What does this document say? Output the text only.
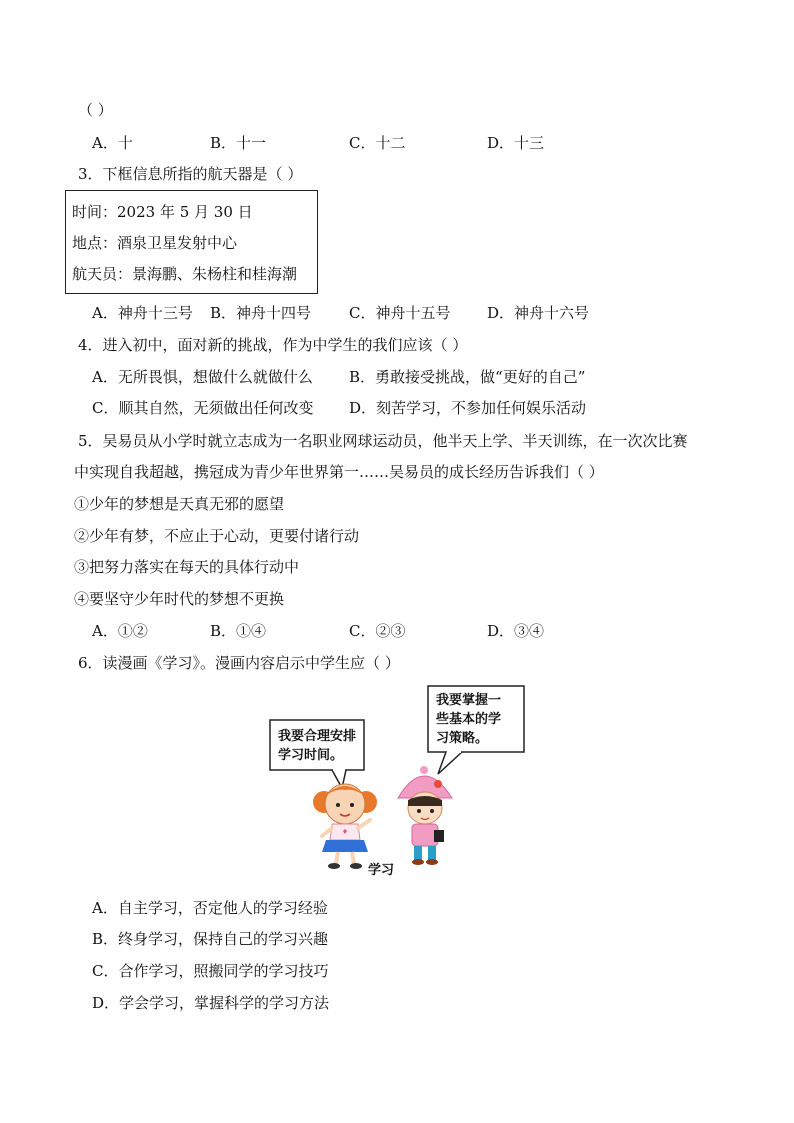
（ ）
A．十	B．十一	C．十二	D．十三
3．下框信息所指的航天器是（ ）
时间：2023 年 5 月 30 日
地点：酒泉卫星发射中心
航天员：景海鹏、朱杨柱和桂海潮
A．神舟十三号 B．神舟十四号	C．神舟十五号 D．神舟十六号
4．进入初中，面对新的挑战，作为中学生的我们应该（ ）
A．无所畏惧，想做什么就做什么 B．勇敢接受挑战，做“更好的自己”
C．顺其自然，无须做出任何改变 D．刻苦学习，不参加任何娱乐活动
5．吴易员从小学时就立志成为一名职业网球运动员，他半天上学、半天训练，在一次次比赛
中实现自我超越，携冠成为青少年世界第一……吴易员的成长经历告诉我们（ ）
①少年的梦想是天真无邪的愿望
②少年有梦，不应止于心动，更要付诸行动
③把努力落实在每天的具体行动中
④要坚守少年时代的梦想不更换
A．①②	B．①④	C．②③	D．③④
6．读漫画《学习》。漫画内容启示中学生应（ ）
我要合理安排
学习时间。
我要掌握一
些基本的学
习策略。
学习
A．自主学习，否定他人的学习经验
B．终身学习，保持自己的学习兴趣
C．合作学习，照搬同学的学习技巧
D．学会学习，掌握科学的学习方法
